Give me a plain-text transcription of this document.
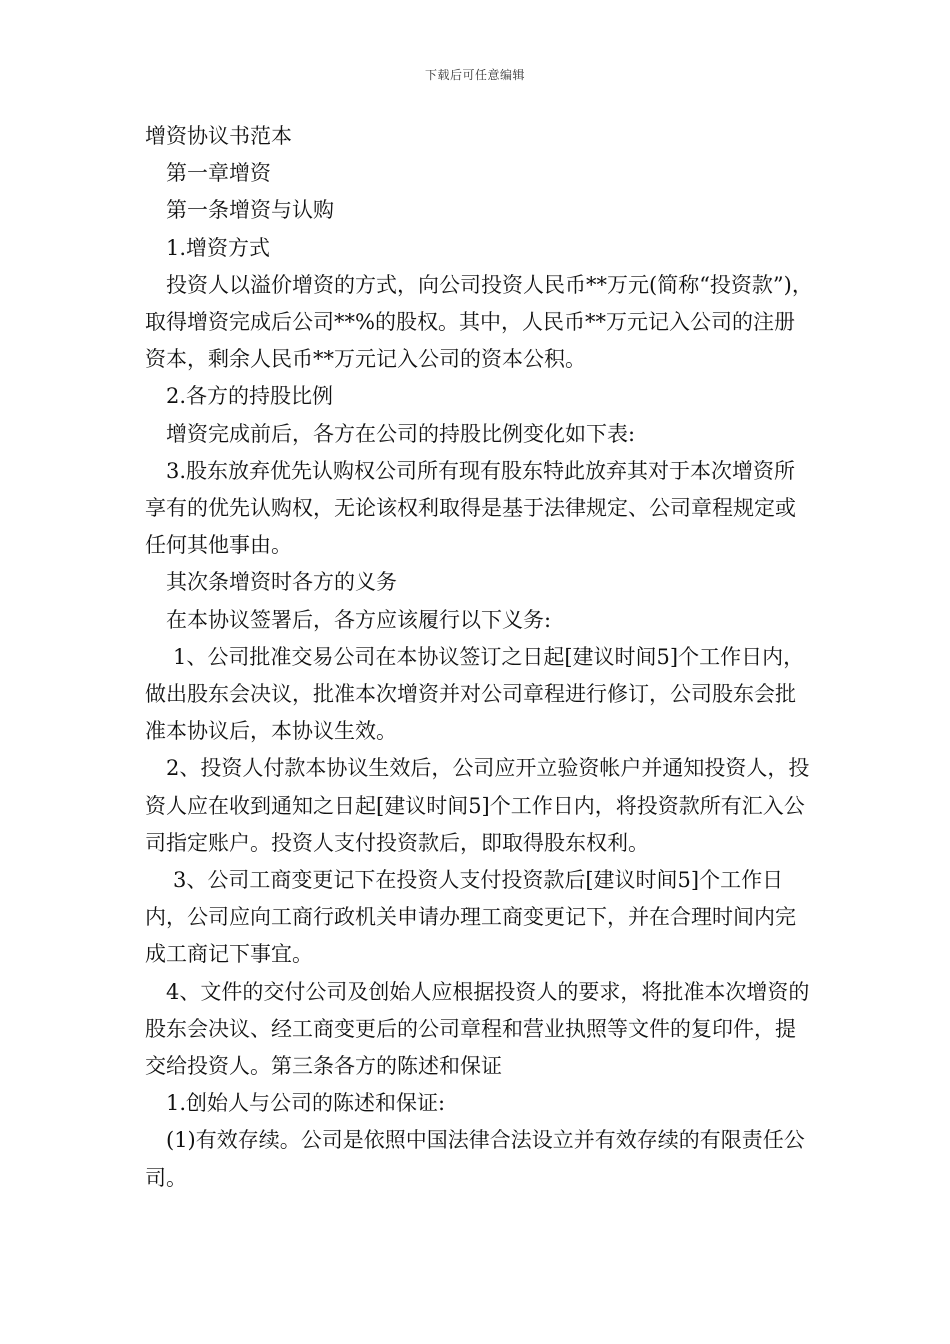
下载后可任意编辑

增资协议书范本

第一章增资

第一条增资与认购

1.增资方式

投资人以溢价增资的方式，向公司投资人民币**万元(简称“投资款”)，取得增资完成后公司**%的股权。其中，人民币**万元记入公司的注册资本，剩余人民币**万元记入公司的资本公积。

2.各方的持股比例

增资完成前后，各方在公司的持股比例变化如下表:

3.股东放弃优先认购权公司所有现有股东特此放弃其对于本次增资所享有的优先认购权，无论该权利取得是基于法律规定、公司章程规定或任何其他事由。

其次条增资时各方的义务

在本协议签署后，各方应该履行以下义务:

1、公司批准交易公司在本协议签订之日起[建议时间5]个工作日内，做出股东会决议，批准本次增资并对公司章程进行修订，公司股东会批准本协议后，本协议生效。

2、投资人付款本协议生效后，公司应开立验资帐户并通知投资人，投资人应在收到通知之日起[建议时间5]个工作日内，将投资款所有汇入公司指定账户。投资人支付投资款后，即取得股东权利。

3、公司工商变更记下在投资人支付投资款后[建议时间5]个工作日内，公司应向工商行政机关申请办理工商变更记下，并在合理时间内完成工商记下事宜。

4、文件的交付公司及创始人应根据投资人的要求，将批准本次增资的股东会决议、经工商变更后的公司章程和营业执照等文件的复印件，提交给投资人。第三条各方的陈述和保证

1.创始人与公司的陈述和保证:

(1)有效存续。公司是依照中国法律合法设立并有效存续的有限责任公司。
